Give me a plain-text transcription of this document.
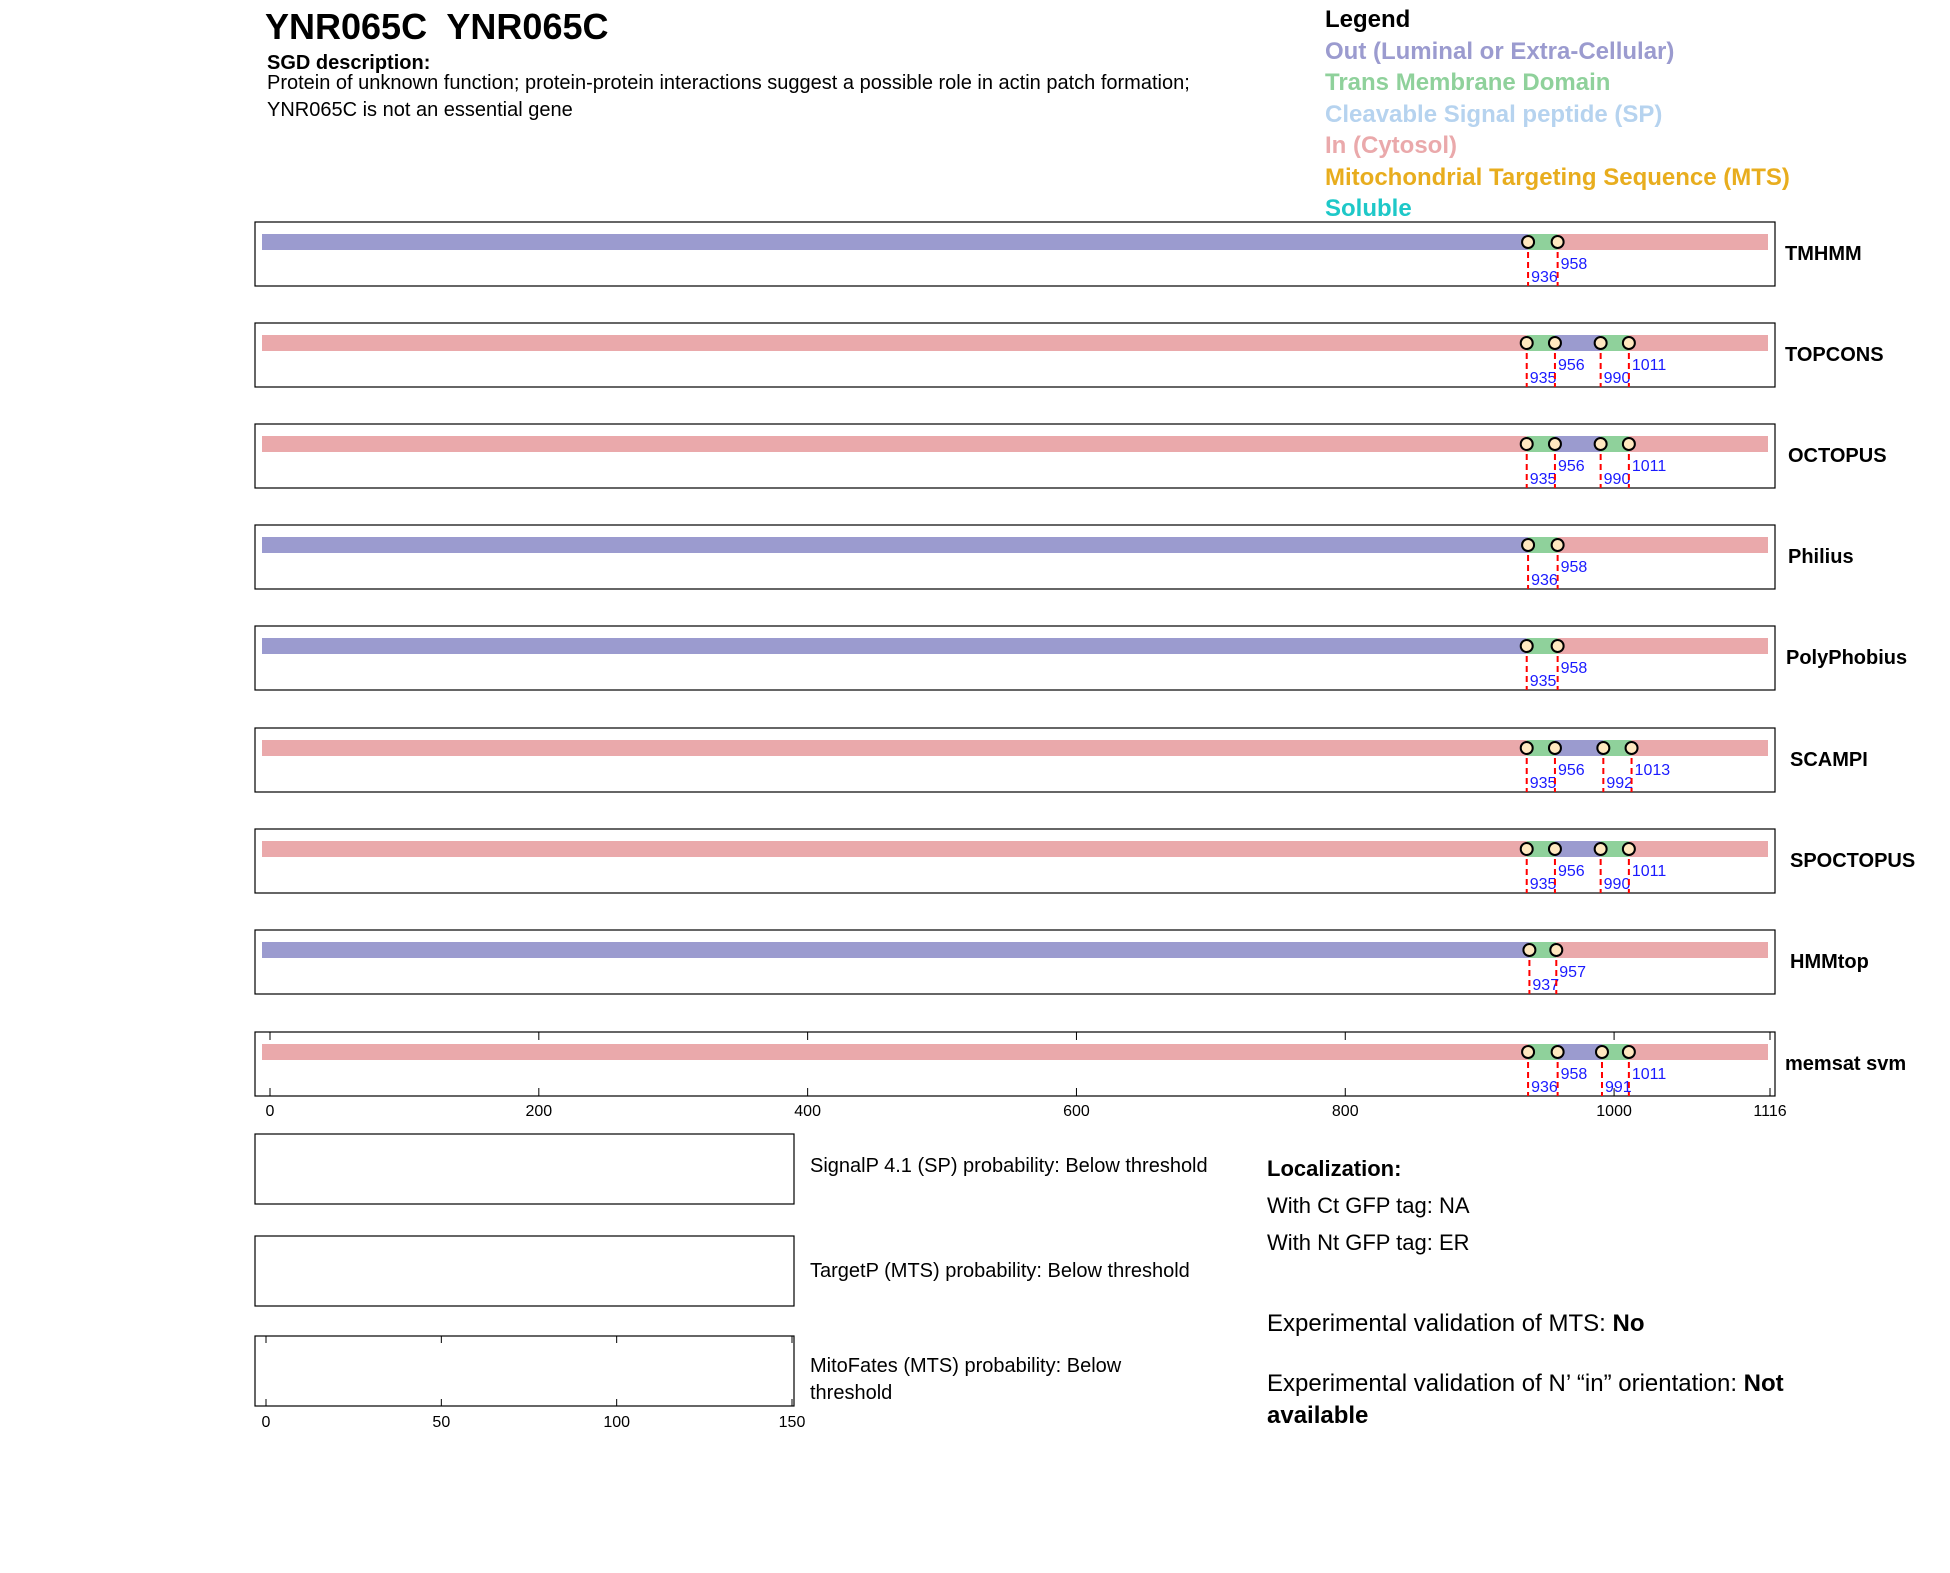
YNR065C  YNR065C
SGD description:
Protein of unknown function; protein-protein interactions suggest a possible role in actin patch formation; YNR065C is not an essential gene
Legend
Out (Luminal or Extra-Cellular)
Trans Membrane Domain
Cleavable Signal peptide (SP)
In (Cytosol)
Mitochondrial Targeting Sequence (MTS)
Soluble
936
958	TMHMM
935
956
990
1011	TOPCONS
935
956
990
1011	OCTOPUS
936
958	Philius
935
958	PolyPhobius
935
956
992
1013	SCAMPI
935
956
990
1011	SPOCTOPUS
937
957	HMMtop
936
958
991
1011
0	200	400	600	800	1000	1116
memsat svm
0	50	100	150
SignalP 4.1 (SP) probability: Below threshold
TargetP (MTS) probability: Below threshold
MitoFates (MTS) probability: Below threshold
Localization:
With Ct GFP tag: NA
With Nt GFP tag: ER
Experimental validation of MTS: No
Experimental validation of N’ “in” orientation: Not available
